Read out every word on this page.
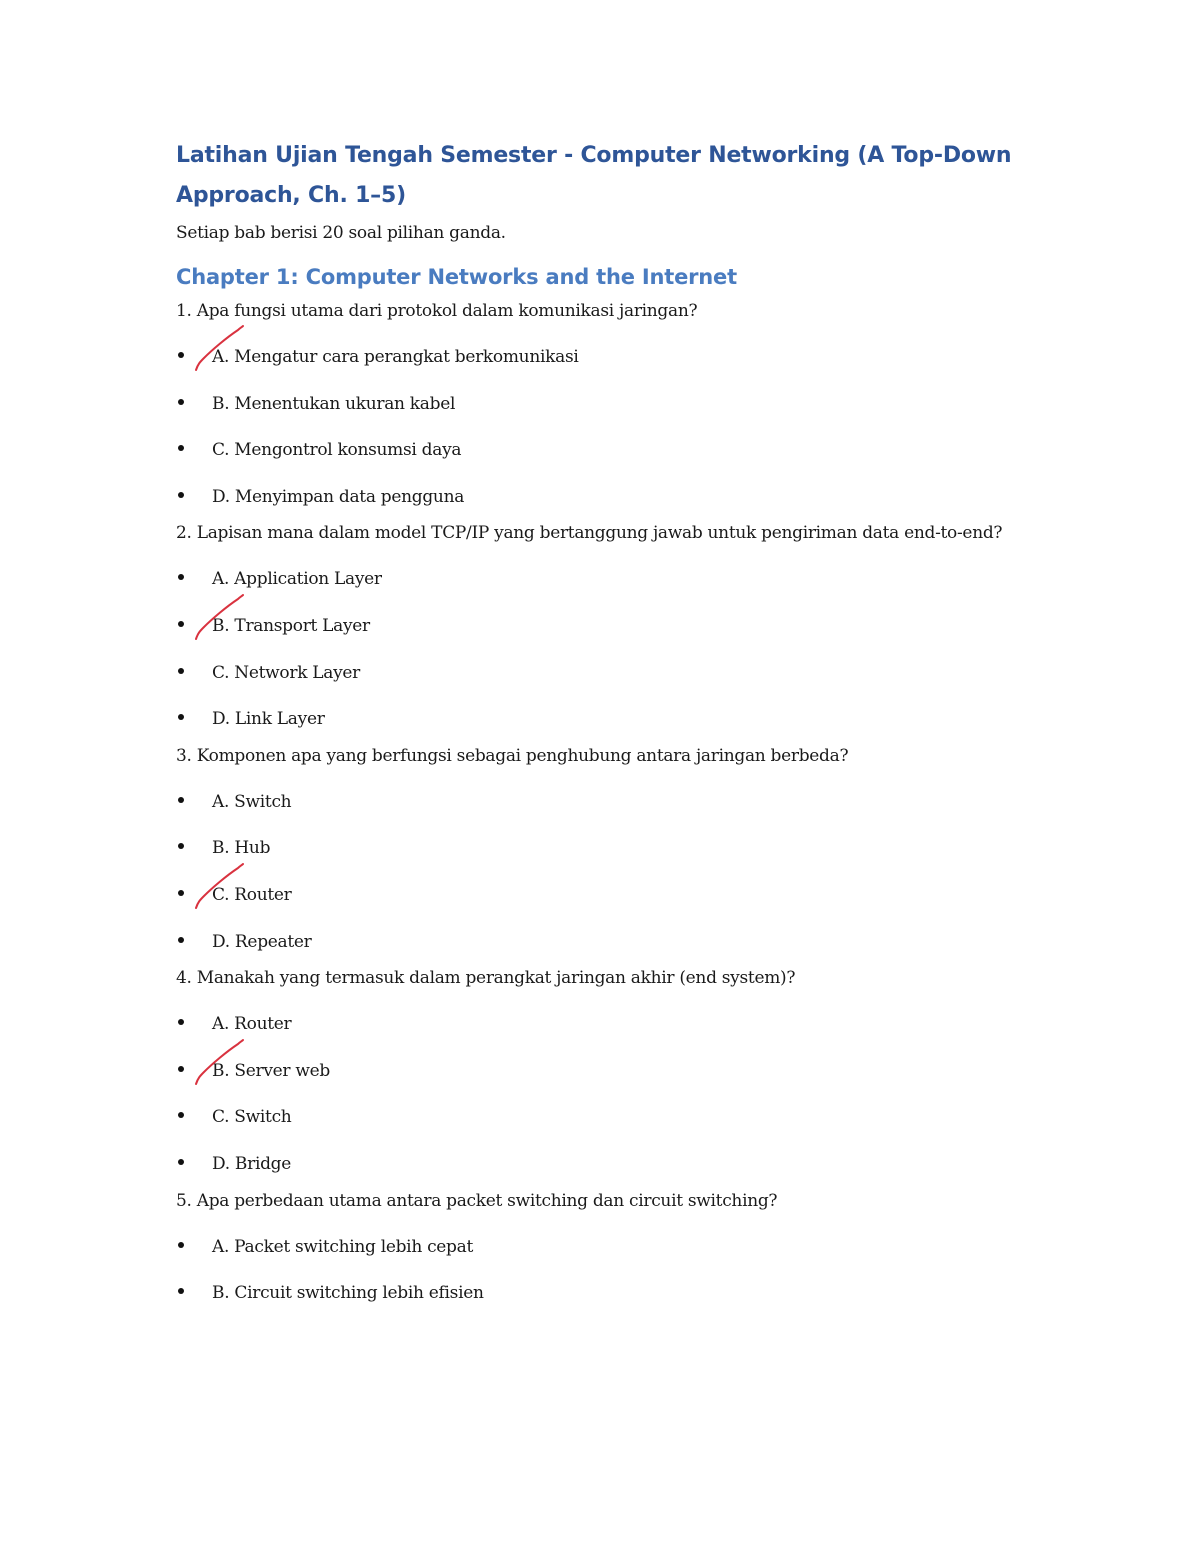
Latihan Ujian Tengah Semester - Computer Networking (A Top-Down Approach, Ch. 1–5)

Setiap bab berisi 20 soal pilihan ganda.

Chapter 1: Computer Networks and the Internet

1. Apa fungsi utama dari protokol dalam komunikasi jaringan?

A. Mengatur cara perangkat berkomunikasi
B. Menentukan ukuran kabel
C. Mengontrol konsumsi daya
D. Menyimpan data pengguna

2. Lapisan mana dalam model TCP/IP yang bertanggung jawab untuk pengiriman data end-to-end?

A. Application Layer
B. Transport Layer
C. Network Layer
D. Link Layer

3. Komponen apa yang berfungsi sebagai penghubung antara jaringan berbeda?

A. Switch
B. Hub
C. Router
D. Repeater

4. Manakah yang termasuk dalam perangkat jaringan akhir (end system)?

A. Router
B. Server web
C. Switch
D. Bridge

5. Apa perbedaan utama antara packet switching dan circuit switching?

A. Packet switching lebih cepat
B. Circuit switching lebih efisien
